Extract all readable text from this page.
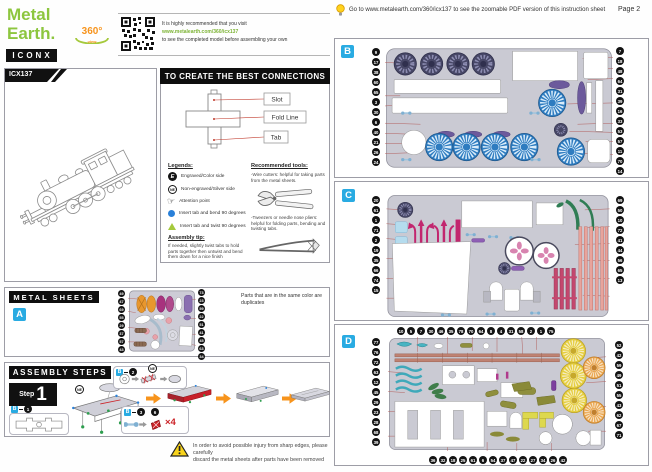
Metal
Earth.
ICONX
360°
view
It is highly recommended that you visit
www.metalearth.com/360/icx137
to see the completed model before assembling your own
ICX137	TO CREATE THE BEST CONNECTIONS
Slot
Fold Line
Tab
Legends:
E	Engraved/Color side
NE	Non-engraved/Silver side
☞ Attention point
Insert tab and bend 90 degrees
Insert tab and twist 90 degrees
Assembly tip:
If needed, slightly twist tabs to hold parts together then untwist and bend them down for a nice finish
Recommended tools:
-Wire cutters: helpful for taking parts from the metal sheets.
-Tweezers or needle nose pliers: helpful for folding parts, bending and twisting tabs.
METAL SHEETS
A
49
47
69
55
29
37
57
43
73
23
59
22
51
41
45
63
34
Parts that are in the same color are duplicates
ASSEMBLY STEPS
Step 1
B	1
NE
B	2
NE
B	3	6
×4
In order to avoid possible injury from sharp edges, please carefully
discard the metal sheets after parts have been removed
Go to www.metalearth.com/360/icx137 to see the zoomable PDF version of this instruction sheet Page 2
B	9
17
38
60
65
3
30
6
40
21
26
24
7
18
48
64
31
39
16
33
53
57
11
70
14
C	20
61
1
71
2
19
35
66
74
15
69
50
10
72
41
44
56
65
13
D
10	5	7	30	46	35	78	70	64	8	4	31	58	2	1	75
77
76
72
63
12
45
29
23
28
68
39
52
42
59
49
51
55
43
62
67
71
36	32	18	25	61	6	54	37	47	22	27	34	26	42
